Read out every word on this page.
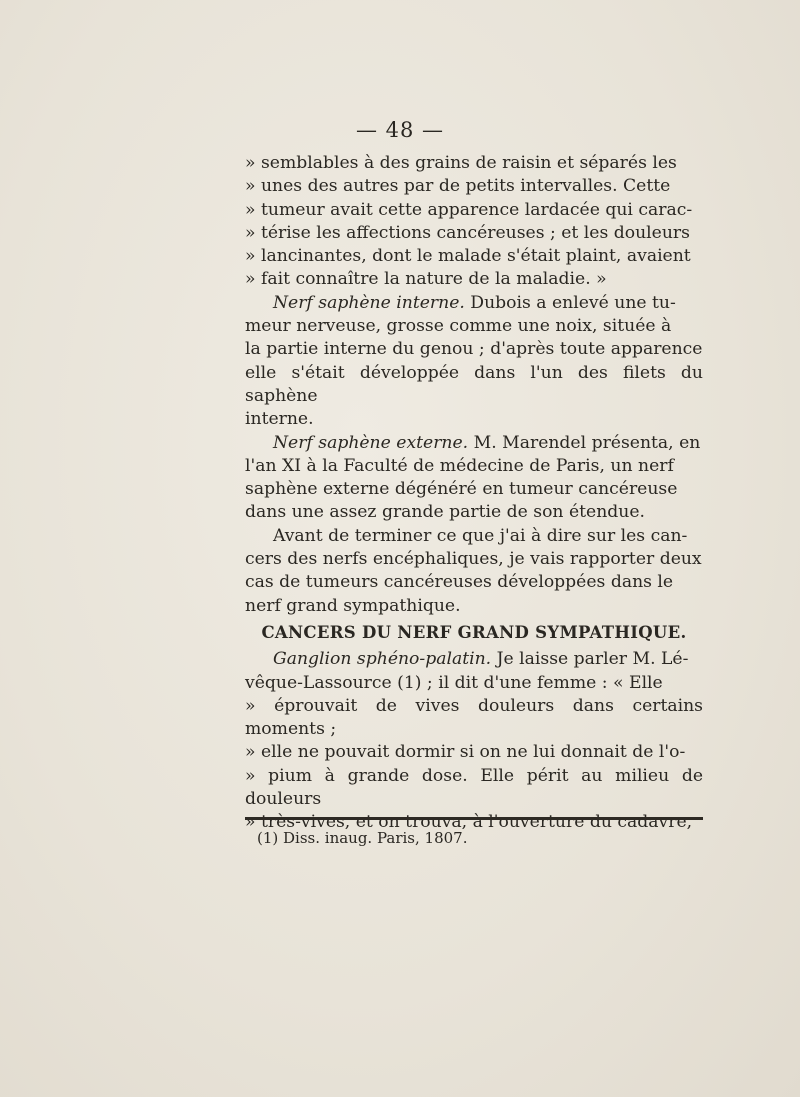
— 48 —

» semblables à des grains de raisin et séparés les
» unes des autres par de petits intervalles. Cette
» tumeur avait cette apparence lardacée qui carac-
» térise les affections cancéreuses ; et les douleurs
» lancinantes, dont le malade s'était plaint, avaient
» fait connaître la nature de la maladie. »

Nerf saphène interne. Dubois a enlevé une tu-
meur nerveuse, grosse comme une noix, située à
la partie interne du genou ; d'après toute apparence
elle s'était développée dans l'un des filets du saphène
interne.

Nerf saphène externe. M. Marendel présenta, en
l'an XI à la Faculté de médecine de Paris, un nerf
saphène externe dégénéré en tumeur cancéreuse
dans une assez grande partie de son étendue.

Avant de terminer ce que j'ai à dire sur les can-
cers des nerfs encéphaliques, je vais rapporter deux
cas de tumeurs cancéreuses développées dans le
nerf grand sympathique.

CANCERS DU NERF GRAND SYMPATHIQUE.

Ganglion sphéno-palatin. Je laisse parler M. Lé-
vêque-Lassource (1) ; il dit d'une femme : « Elle
» éprouvait de vives douleurs dans certains moments ;
» elle ne pouvait dormir si on ne lui donnait de l'o-
» pium à grande dose. Elle périt au milieu de douleurs
» très-vives, et on trouva, à l'ouverture du cadavre,

(1) Diss. inaug. Paris, 1807.
